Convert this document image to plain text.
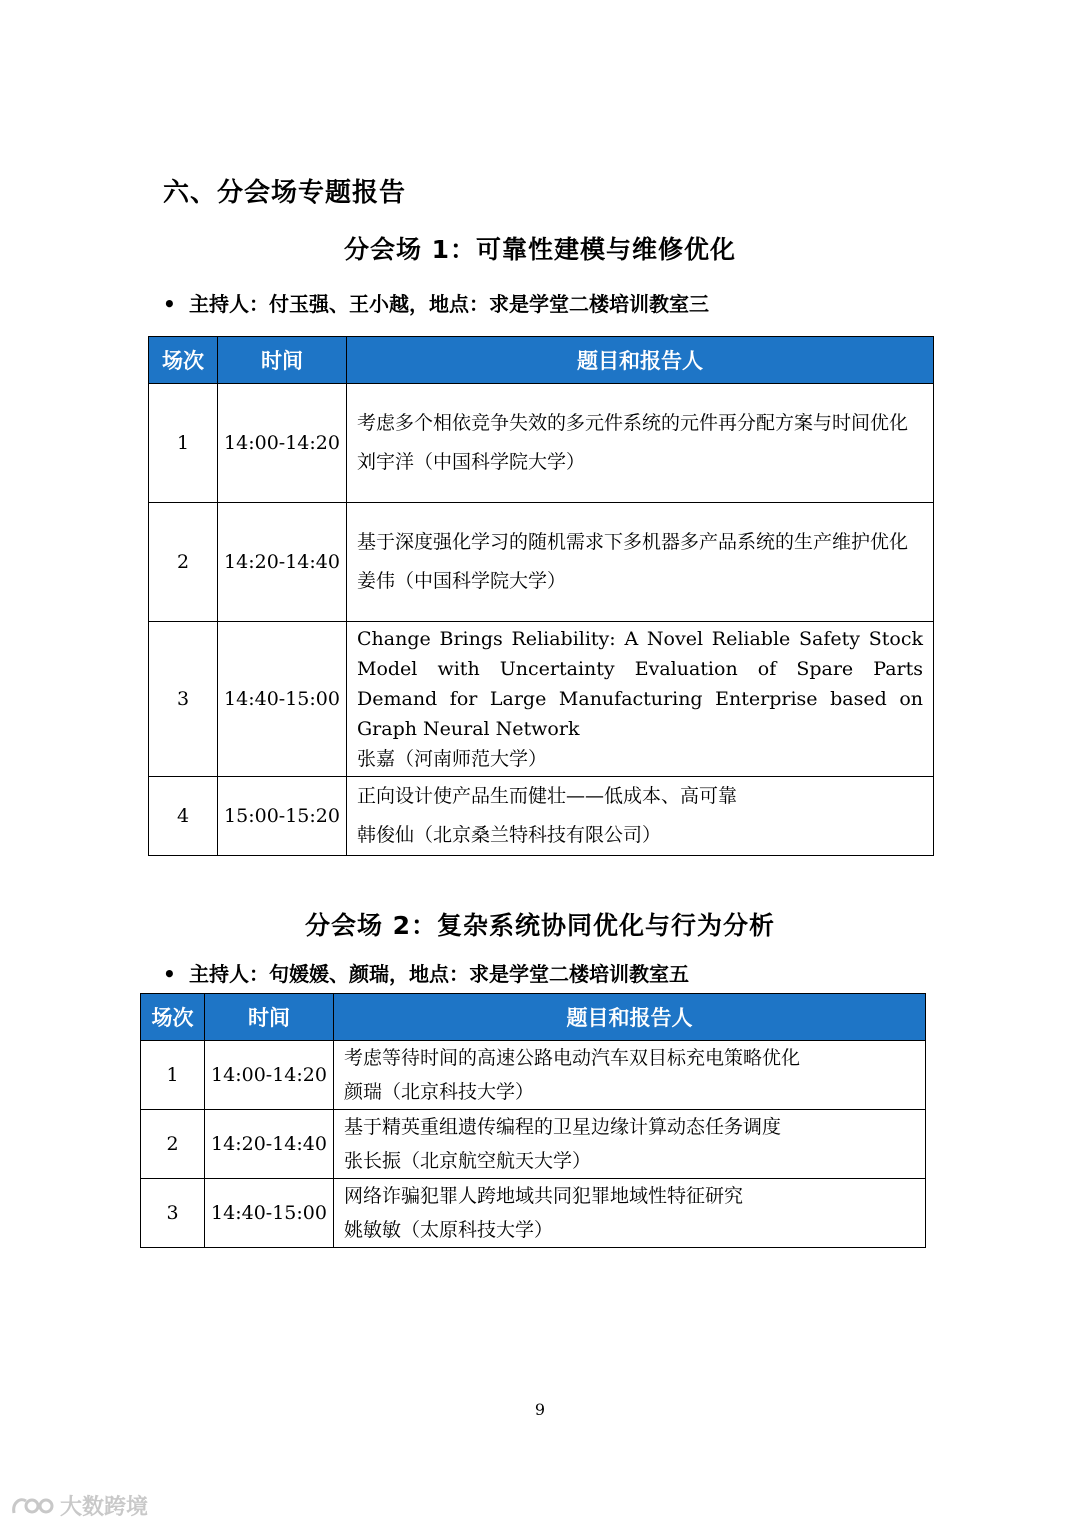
六、分会场专题报告
分会场 1：可靠性建模与维修优化
• 主持人：付玉强、王小越，地点：求是学堂二楼培训教室三
场次	时间	题目和报告人
1	14:00-14:20	考虑多个相依竞争失效的多元件系统的元件再分配方案与时间优化
刘宇洋（中国科学院大学）

2	14:20-14:40	基于深度强化学习的随机需求下多机器多产品系统的生产维护优化
姜伟（中国科学院大学）

3	14:40-15:00	Change Brings Reliability: A Novel Reliable Safety Stock Model with Uncertainty Evaluation of Spare Parts Demand for Large Manufacturing Enterprise based on Graph Neural Network
张嘉（河南师范大学）

4	15:00-15:20	正向设计使产品生而健壮——低成本、高可靠
韩俊仙（北京桑兰特科技有限公司）
分会场 2：复杂系统协同优化与行为分析
• 主持人：句媛媛、颜瑞，地点：求是学堂二楼培训教室五
场次	时间	题目和报告人
1	14:00-14:20	考虑等待时间的高速公路电动汽车双目标充电策略优化
颜瑞（北京科技大学）

2	14:20-14:40	基于精英重组遗传编程的卫星边缘计算动态任务调度
张长振（北京航空航天大学）

3	14:40-15:00	网络诈骗犯罪人跨地域共同犯罪地域性特征研究
姚敏敏（太原科技大学）
9
大数跨境
